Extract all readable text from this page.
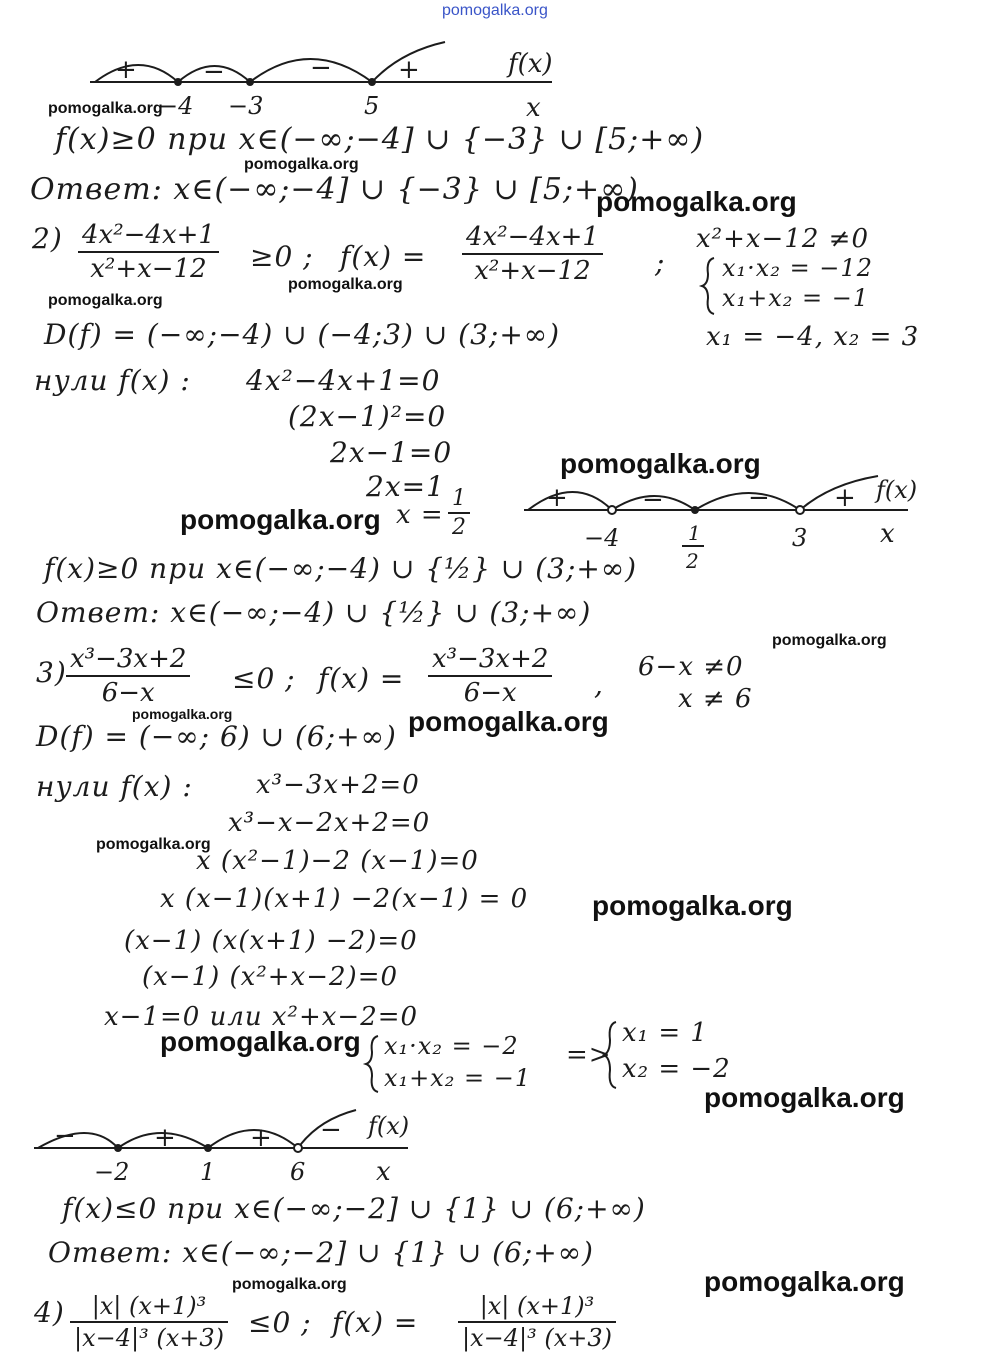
pomogalka.org
+	−	−	+	f(x)
−4 −3	5	x
pomogalka.org
f(x)≥0 при x∈(−∞;−4] ∪ {−3} ∪ [5;+∞)
pomogalka.org
Ответ: x∈(−∞;−4] ∪ {−3} ∪ [5;+∞)
pomogalka.org
2) 4x²−4x+1
x²+x−12 ≥0 ; f(x) =
4x²−4x+1
x²+x−12 ;
x²+x−12 ≠0
x₁·x₂ = −12
x₁+x₂ = −1
x₁ = −4, x₂ = 3
pomogalka.org
pomogalka.org
D(f) = (−∞;−4) ∪ (−4;3) ∪ (3;+∞)
нули f(x) : 4x²−4x+1=0
(2x−1)²=0
2x−1=0
2x=1
x =
1
2
pomogalka.org
pomogalka.org
+	−	− + f(x)
−4	1
2
3	x
f(x)≥0 при x∈(−∞;−4) ∪ {½} ∪ (3;+∞)
Ответ: x∈(−∞;−4) ∪ {½} ∪ (3;+∞)
pomogalka.org
3) x³−3x+2
6−x	≤0 ; f(x) =
x³−3x+2
6−x	,
6−x ≠0
x ≠ 6
pomogalka.org	pomogalka.org
D(f) = (−∞; 6) ∪ (6;+∞)
нули f(x) : x³−3x+2=0
x³−x−2x+2=0
pomogalka.org
x (x²−1)−2 (x−1)=0
x (x−1)(x+1) −2(x−1) = 0 pomogalka.org
(x−1) (x(x+1) −2)=0
(x−1) (x²+x−2)=0
x−1=0 или x²+x−2=0
pomogalka.org x₁·x₂ = −2
x₁+x₂ = −1
=>
x₁ = 1
x₂ = −2
pomogalka.org
−	+	+ − f(x)
−2	1	6	x
f(x)≤0 при x∈(−∞;−2] ∪ {1} ∪ (6;+∞)
Ответ: x∈(−∞;−2] ∪ {1} ∪ (6;+∞)
pomogalka.org
4)
pomogalka.org
|x| (x+1)³
|x−4|³ (x+3) ≤0 ; f(x) =	|x| (x+1)³
|x−4|³ (x+3)
